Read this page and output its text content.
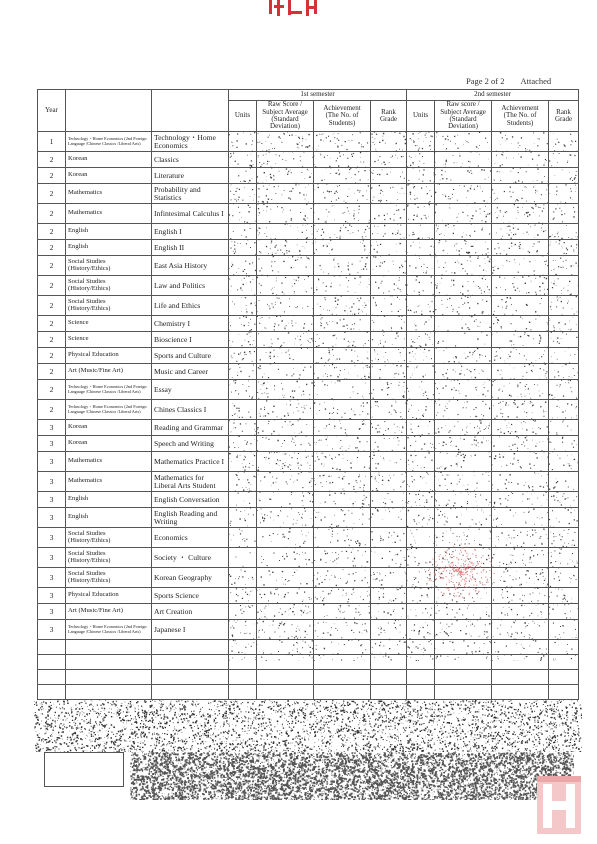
Page 2 of 2 Attached
Year			1st semester				2nd semester			
			Units	Raw Score / Subject Average (Standard Deviation)	Achievement (The No. of Students)	Rank Grade	Units	Raw score / Subject Average (Standard Deviation)	Achievement (The No. of Students)	Rank Grade
1	Technology・Home Economics (2nd Foreign Language /Chinese Classics /Liberal Arts)	Technology・Home Economics								
2	Korean	Classics								
2	Korean	Literature								
2	Mathematics	Probability and Statistics								
2	Mathematics	Infintesimal Calculus I								
2	English	English I								
2	English	English II								
2	Social Studies (History/Ethics)	East Asia History								
2	Social Studies (History/Ethics)	Law and Politics								
2	Social Studies (History/Ethics)	Life and Ethics								
2	Science	Chemistry I								
2	Science	Bioscience I								
2	Physical Education	Sports and Culture								
2	Art (Music/Fine Art)	Music and Career								
2	Technology・Home Economics (2nd Foreign Language /Chinese Classics /Liberal Arts)	Essay								
2	Technology・Home Economics (2nd Foreign Language /Chinese Classics /Liberal Arts)	Chines Classics I								
3	Korean	Reading and Grammar								
3	Korean	Speech and Writing								
3	Mathematics	Mathematics Practice I								
3	Mathematics	Mathematics for Liberal Arts Student								
3	English	English Conversation								
3	English	English Reading and Writing								
3	Social Studies (History/Ethics)	Economics								
3	Social Studies (History/Ethics)	Society ・ Culture								
3	Social Studies (History/Ethics)	Korean Geography								
3	Physical Education	Sports Science								
3	Art (Music/Fine Art)	Art Creation								
3	Technology・Home Economics (2nd Foreign Language /Chinese Classics /Liberal Arts)	Japanese I								
